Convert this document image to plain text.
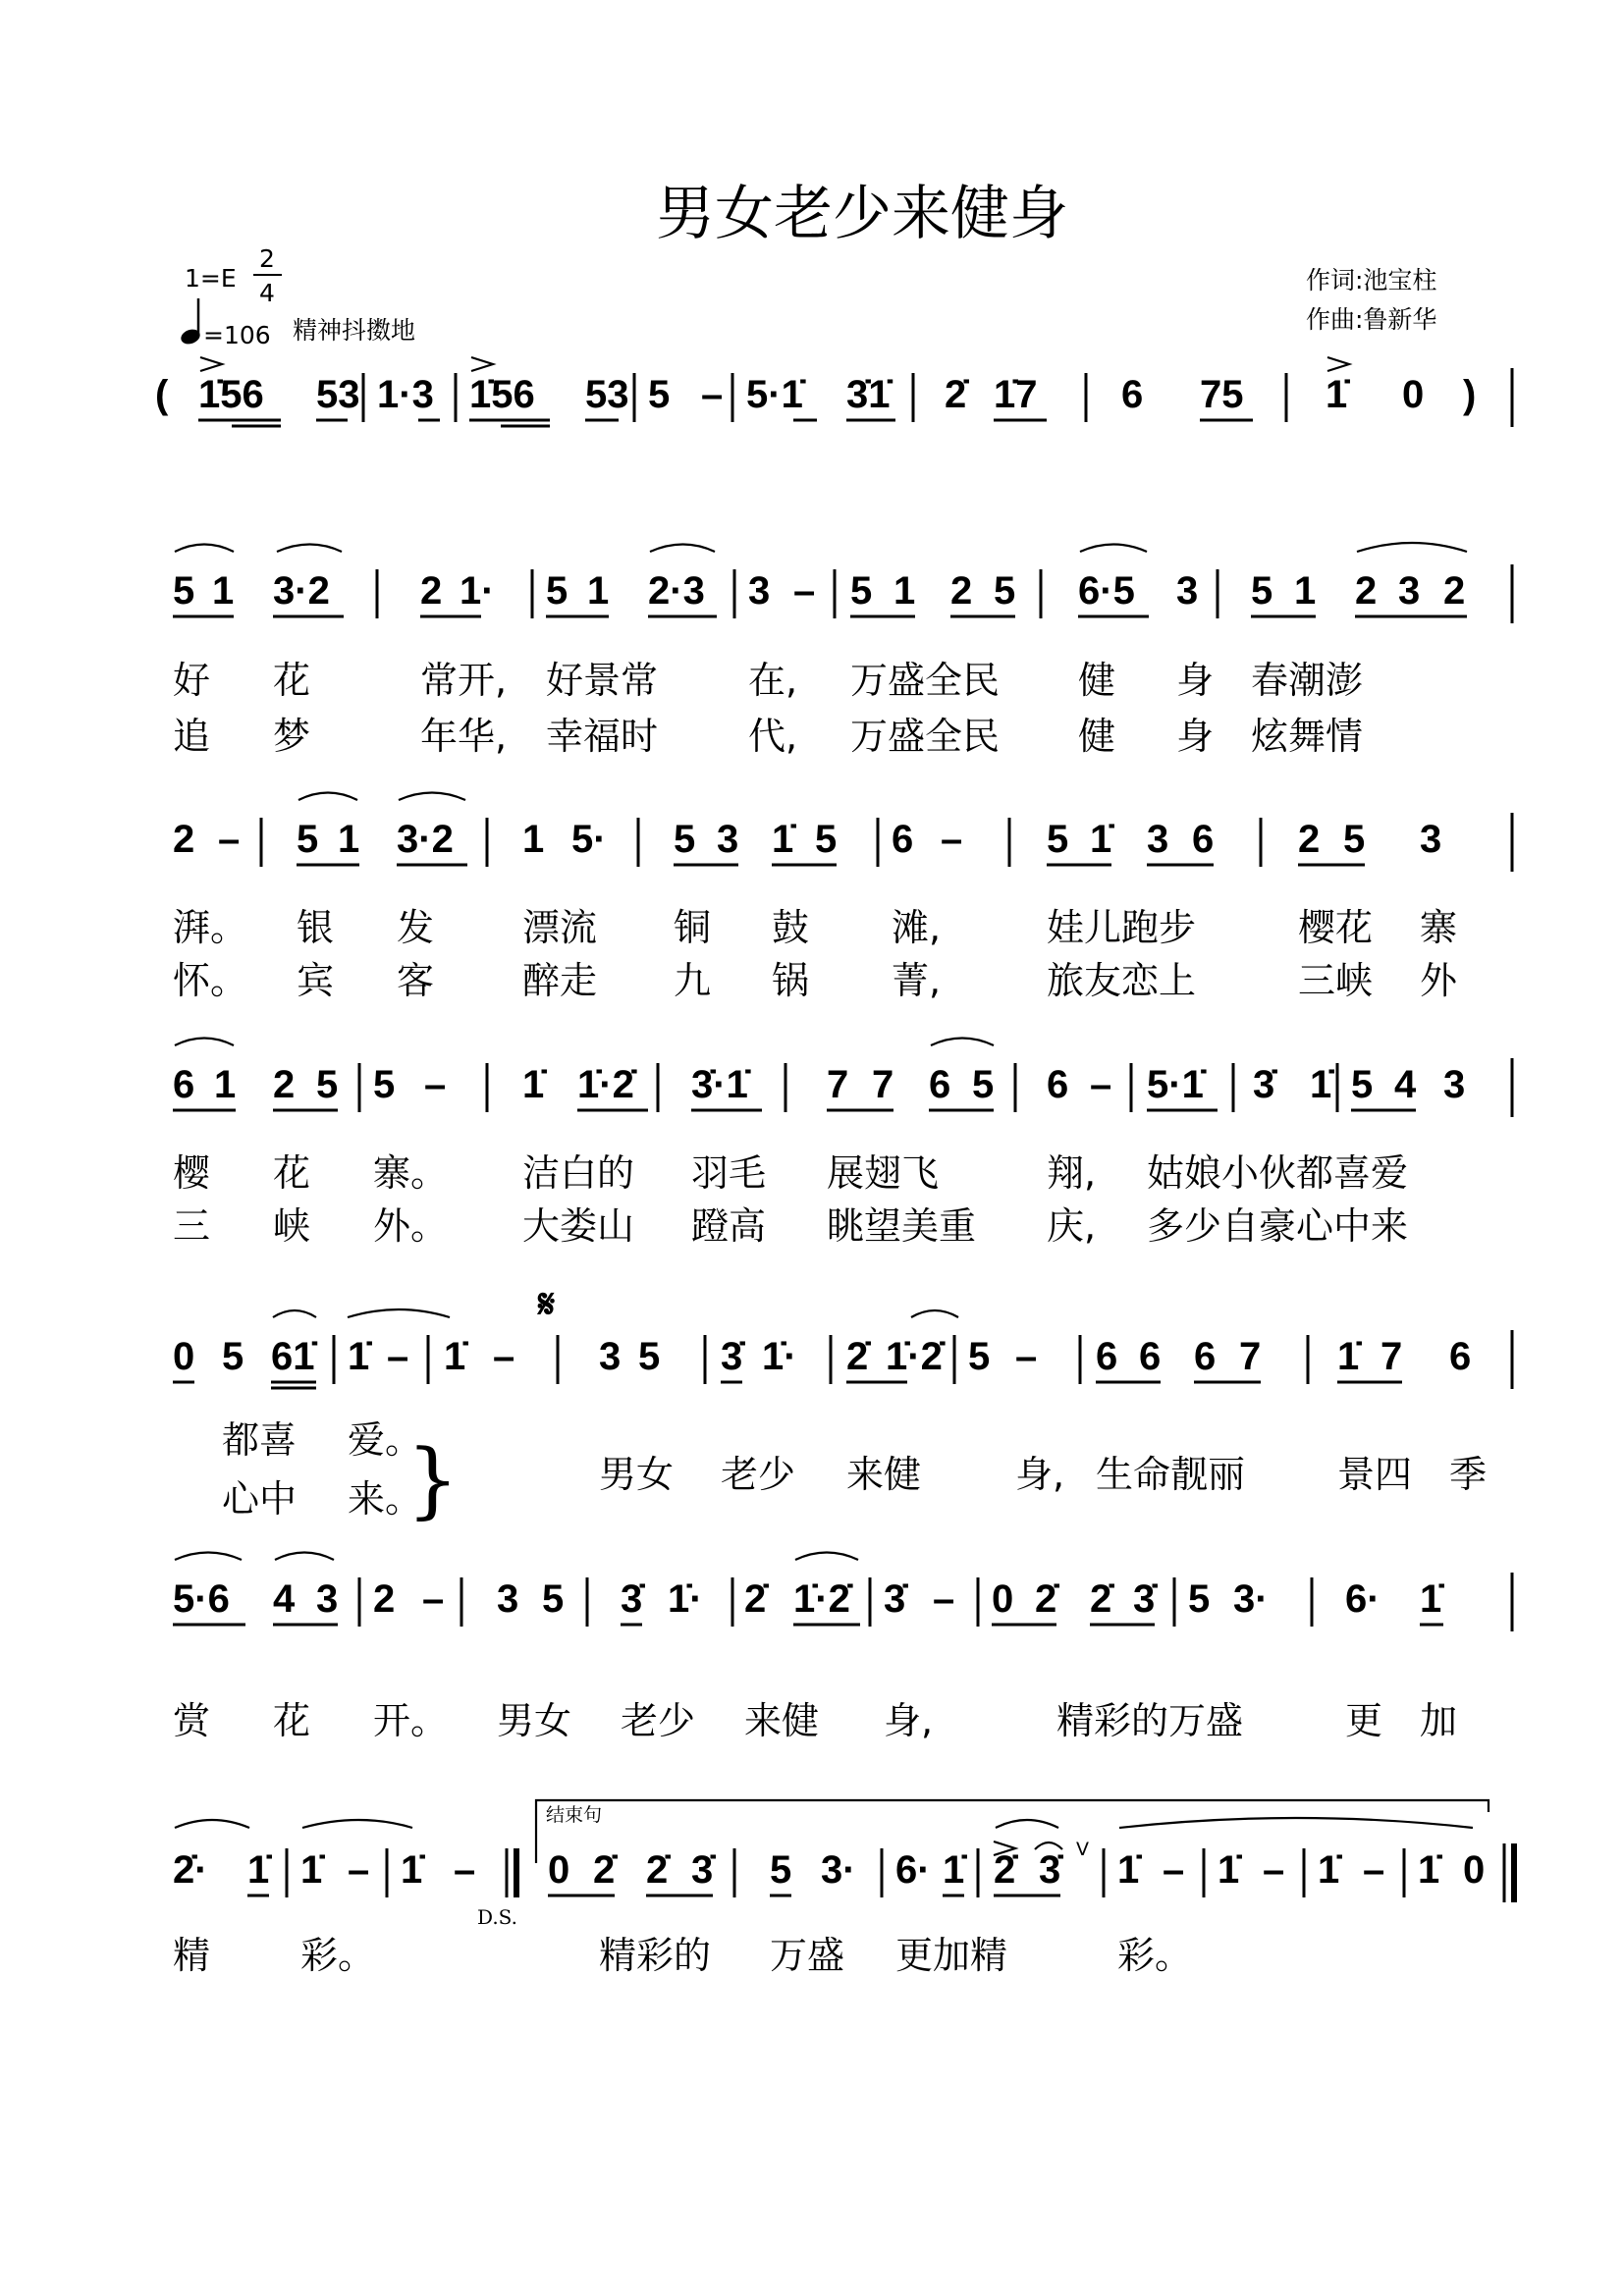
男女老少来健身
1=E
2
4
=106 精神抖擞地
作词:池宝柱
作曲:鲁新华
( 1̇56 53 1·3 1̇56 53 5 – 5·1̇ 3̇1̇ 2̇ 1̇7 6 75 1̇ 0 )
5 1 3·2 2 1· 5 1 2·3 3 – 5 1 2 5 6·5 3 5 1 2 3 2
好 花	常开, 好景常 在, 万盛全民 健 身 春潮澎
追 梦	年华, 幸福时 代, 万盛全民 健 身 炫舞情
2 – 5 1 3·2 1 5· 5 3 1̇ 5 6 – 5 1̇ 3 6 2 5 3
湃。 银 发 漂流 铜 鼓 滩,	娃儿跑步	樱花 寨
怀。 宾 客 醉走 九 锅 菁,	旅友恋上	三峡 外
6 1 2 5 5 – 1̇ 1̇·2̇ 3̇·1̇ 7 7 6 5 6 – 5·1̇ 3̇ 1̇ 5 4 3
樱 花 寨。 洁白的 羽毛 展翅飞	翔, 姑娘小伙都喜爱
三 峡 外。 大娄山 蹬高 眺望美重 庆, 多少自豪心中来
0 5 61̇ 1̇ – 1̇ – 3 5 3̇ 1̇· 2̇ 1̇·2̇ 5 – 6 6 6 7 1̇ 7 6
𝄋
都喜 爱。
男女 老少 来健	身, 生命靓丽 景四 季
心中 来。
}
5·6 4 3 2 – 3 5 3̇ 1̇· 2̇ 1̇·2̇ 3̇ – 0 2̇ 2̇ 3̇ 5 3· 6· 1̇
赏 花 开。 男女 老少 来健 身,	精彩的万盛	更 加
2̇· 1̇ 1̇ – 1̇ –
D.S.
结束句
0 2̇ 2̇ 3̇ 5 3· 6· 1̇ 2̇ 3̇ V 1̇ – 1̇ – 1̇ – 1̇ 0
精 彩。	精彩的 万盛 更加精	彩。
